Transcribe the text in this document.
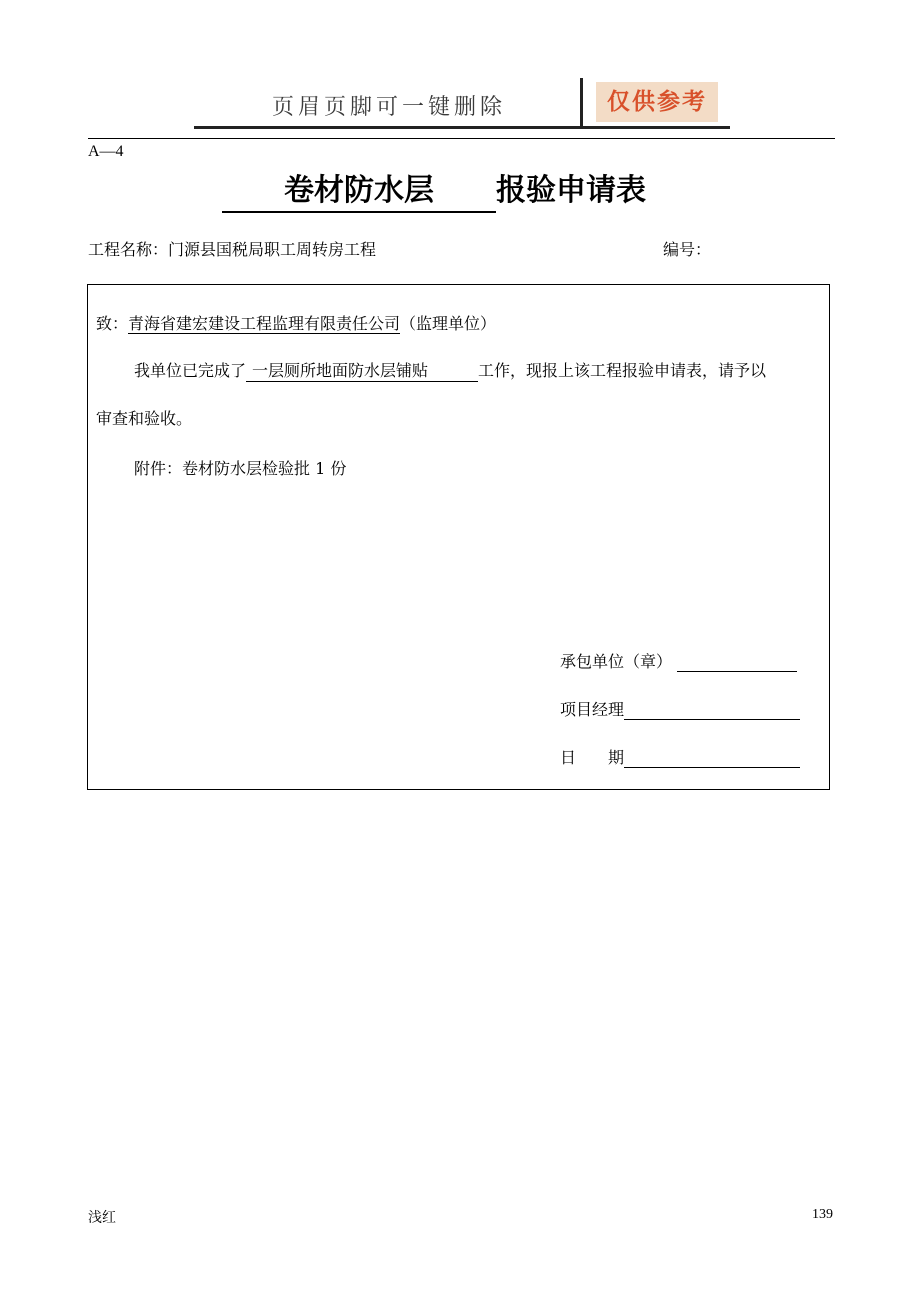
页眉页脚可一键删除	仅供参考
A—4
卷材防水层 报验申请表
工程名称：门源县国税局职工周转房工程	编号：
致：青海省建宏建设工程监理有限责任公司（监理单位）
我单位已完成了 一层厕所地面防水层铺贴	工作，现报上该工程报验申请表，请予以
审查和验收。
附件：卷材防水层检验批 1 份
承包单位（章）
项目经理
日　　期
浅红	139
